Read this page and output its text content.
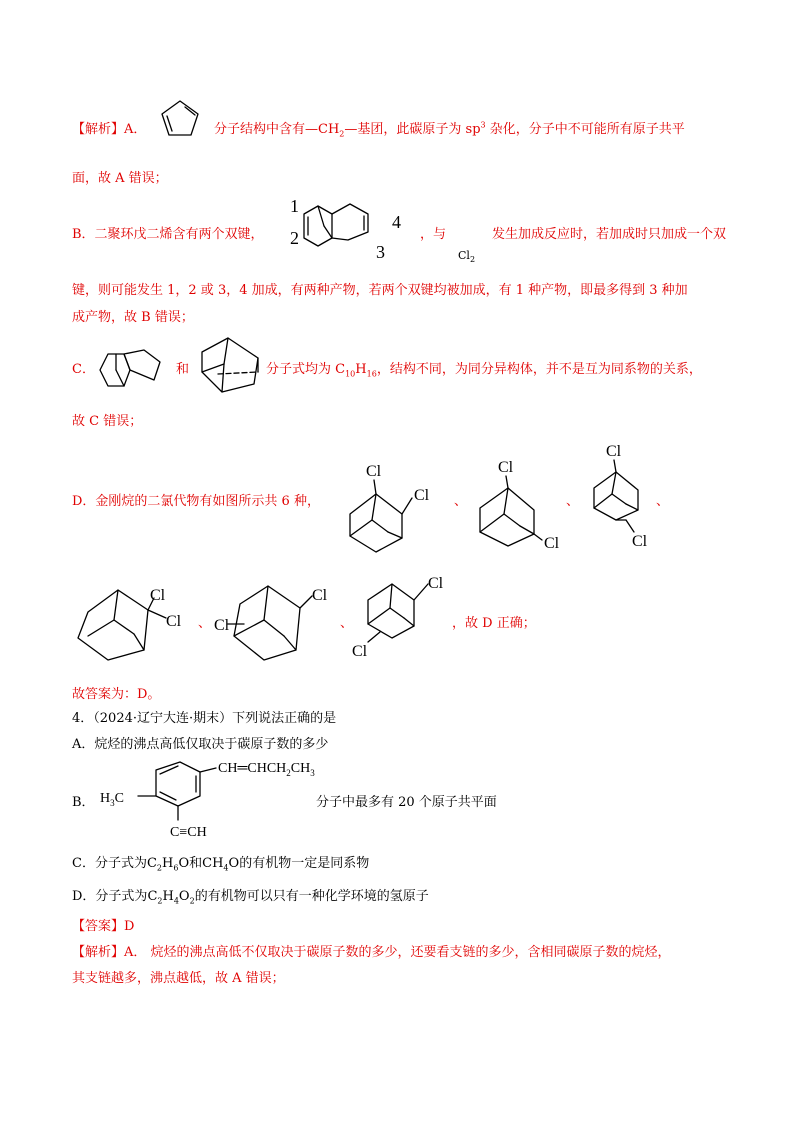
【解析】A．	分子结构中含有$—CH_2—$基团，此碳原子为 $sp^3$ 杂化，分子中不可能所有原子共平
面，故 A 错误；
B．二聚环戊二烯含有两个双键，
1
2
3
4
，与	发生加成反应时，若加成时只加成一个双
$Cl_2$
键，则可能发生 1，2 或 3，4 加成，有两种产物，若两个双键均被加成，有 1 种产物，即最多得到 3 种加
成产物，故 B 错误；
C．	和	分子式均为 $C_{10}H_{16}$，结构不同，为同分异构体，并不是互为同系物的关系，
故 C 错误；
D．金刚烷的二氯代物有如图所示共 6 种，
Cl
Cl 、
Cl
Cl
、
Cl
Cl
、
Cl
Cl 、
Cl
Cl	、
Cl
Cl
，故 D 正确；
故答案为：D。
4．（2024·辽宁大连·期末）下列说法正确的是
A．烷烃的沸点高低仅取决于碳原子数的多少
B． $H_3C$
$CH═CHCH_2CH_3$
C≡CH
分子中最多有 20 个原子共平面
C．分子式为$C_2H_6O$和$CH_4O$的有机物一定是同系物
D．分子式为$C_2H_4O_2$的有机物可以只有一种化学环境的氢原子
【答案】D
【解析】A． 烷烃的沸点高低不仅取决于碳原子数的多少，还要看支链的多少，含相同碳原子数的烷烃，
其支链越多，沸点越低，故 A 错误；
